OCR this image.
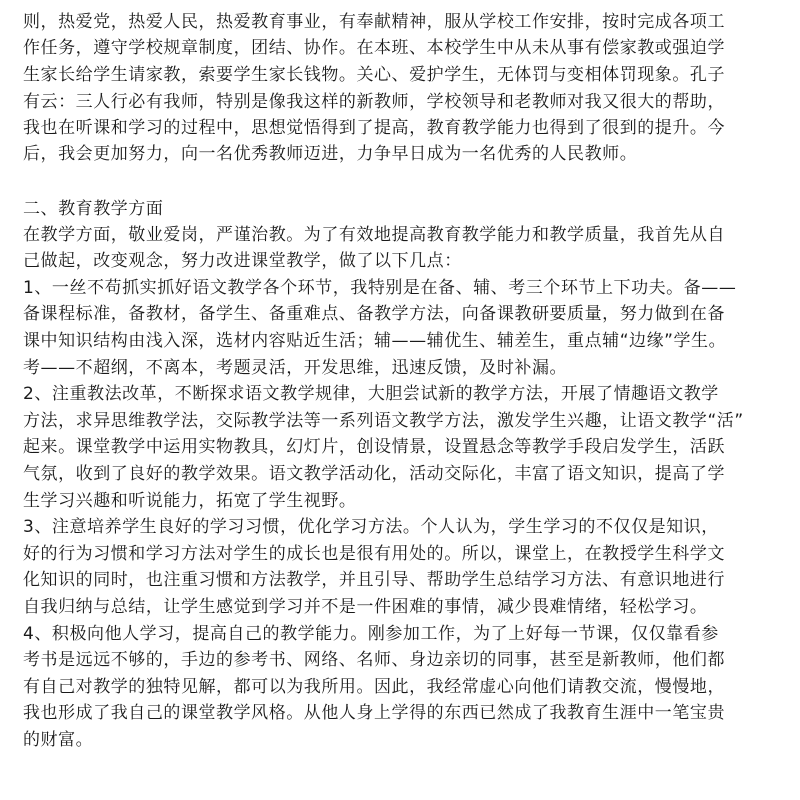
则，热爱党，热爱人民，热爱教育事业，有奉献精神，服从学校工作安排，按时完成各项工
作任务，遵守学校规章制度，团结、协作。在本班、本校学生中从未从事有偿家教或强迫学
生家长给学生请家教，索要学生家长钱物。关心、爱护学生，无体罚与变相体罚现象。孔子
有云：三人行必有我师，特别是像我这样的新教师，学校领导和老教师对我又很大的帮助，
我也在听课和学习的过程中，思想觉悟得到了提高，教育教学能力也得到了很到的提升。今
后，我会更加努力，向一名优秀教师迈进，力争早日成为一名优秀的人民教师。
二、教育教学方面
在教学方面，敬业爱岗，严谨治教。为了有效地提高教育教学能力和教学质量，我首先从自
己做起，改变观念，努力改进课堂教学，做了以下几点：
1、一丝不苟抓实抓好语文教学各个环节，我特别是在备、辅、考三个环节上下功夫。备——
备课程标准，备教材，备学生、备重难点、备教学方法，向备课教研要质量，努力做到在备
课中知识结构由浅入深，选材内容贴近生活；辅——辅优生、辅差生，重点辅“边缘”学生。
考——不超纲，不离本，考题灵活，开发思维，迅速反馈，及时补漏。
2、注重教法改革，不断探求语文教学规律，大胆尝试新的教学方法，开展了情趣语文教学
方法，求异思维教学法，交际教学法等一系列语文教学方法，激发学生兴趣，让语文教学“活”
起来。课堂教学中运用实物教具，幻灯片，创设情景，设置悬念等教学手段启发学生，活跃
气氛，收到了良好的教学效果。语文教学活动化，活动交际化，丰富了语文知识，提高了学
生学习兴趣和听说能力，拓宽了学生视野。
3、注意培养学生良好的学习习惯，优化学习方法。个人认为，学生学习的不仅仅是知识，
好的行为习惯和学习方法对学生的成长也是很有用处的。所以，课堂上，在教授学生科学文
化知识的同时，也注重习惯和方法教学，并且引导、帮助学生总结学习方法、有意识地进行
自我归纳与总结，让学生感觉到学习并不是一件困难的事情，减少畏难情绪，轻松学习。
4、积极向他人学习，提高自己的教学能力。刚参加工作，为了上好每一节课，仅仅靠看参
考书是远远不够的，手边的参考书、网络、名师、身边亲切的同事，甚至是新教师，他们都
有自己对教学的独特见解，都可以为我所用。因此，我经常虚心向他们请教交流，慢慢地，
我也形成了我自己的课堂教学风格。从他人身上学得的东西已然成了我教育生涯中一笔宝贵
的财富。
